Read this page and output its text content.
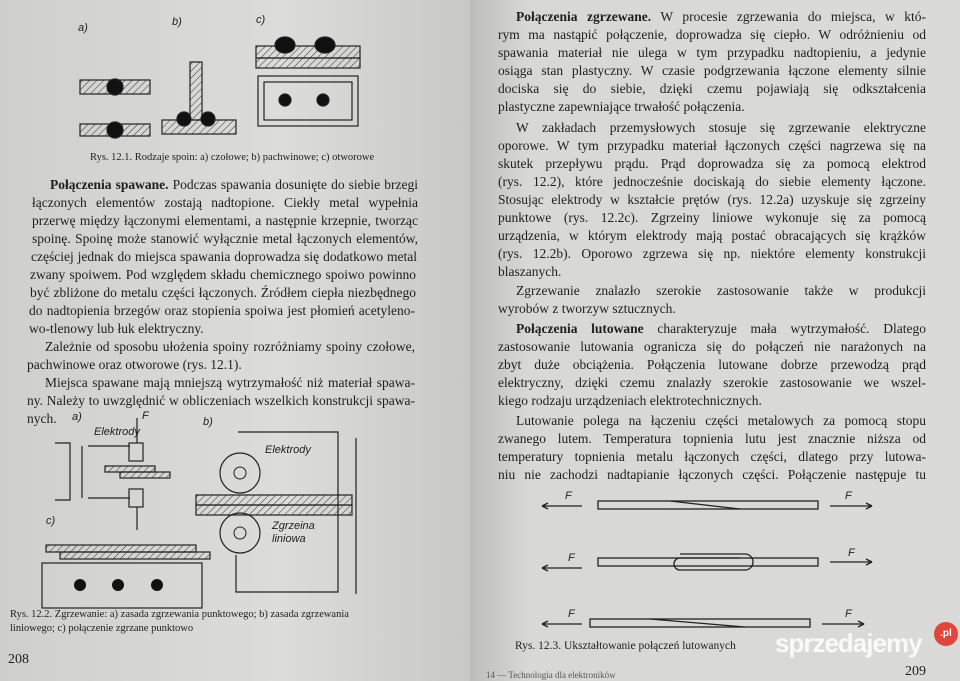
a)	b)	c)
Rys. 12.1. Rodzaje spoin: a) czołowe; b) pachwinowe; c) otworowe
Połączenia spawane. Podczas spawania dosunięte do siebie brzegi
łączonych elementów zostają nadtopione. Ciekły metal wypełnia
przerwę między łączonymi elementami, a następnie krzepnie, tworząc
spoinę. Spoinę może stanowić wyłącznie metal łączonych elementów,
częściej jednak do miejsca spawania doprowadza się dodatkowo metal
zwany spoiwem. Pod względem składu chemicznego spoiwo powinno
być zbliżone do metalu części łączonych. Źródłem ciepła niezbędnego
do nadtopienia brzegów oraz stopienia spoiwa jest płomień acetyleno-
wo-tlenowy lub łuk elektryczny.
Zależnie od sposobu ułożenia spoiny rozróżniamy spoiny czołowe,
pachwinowe oraz otworowe (rys. 12.1).
Miejsca spawane mają mniejszą wytrzymałość niż materiał spawa-
ny. Należy to uwzględnić w obliczeniach wszelkich konstrukcji spawa-
nych. a)	b)
c)
F
Elektrody
Elektrody
Zgrzeina
liniowa
Rys. 12.2. Zgrzewanie: a) zasada zgrzewania punktowego; b) zasada zgrzewania
liniowego; c) połączenie zgrzane punktowo
208
Połączenia zgrzewane. W procesie zgrzewania do miejsca, w któ-
rym ma nastąpić połączenie, doprowadza się ciepło. W odróżnieniu od
spawania materiał nie ulega w tym przypadku nadtopieniu, a jedynie
osiąga stan plastyczny. W czasie podgrzewania łączone elementy silnie
dociska się do siebie, dzięki czemu pojawiają się odkształcenia
plastyczne zapewniające trwałość połączenia.
W zakładach przemysłowych stosuje się zgrzewanie elektryczne
oporowe. W tym przypadku materiał łączonych części nagrzewa się na
skutek przepływu prądu. Prąd doprowadza się za pomocą elektrod
(rys. 12.2), które jednocześnie dociskają do siebie elementy łączone.
Stosując elektrody w kształcie prętów (rys. 12.2a) uzyskuje się zgrzeiny
punktowe (rys. 12.2c). Zgrzeiny liniowe wykonuje się za pomocą
urządzenia, w którym elektrody mają postać obracających się krążków
(rys. 12.2b). Oporowo zgrzewa się np. niektóre elementy konstrukcji
blaszanych.
Zgrzewanie znalazło szerokie zastosowanie także w produkcji
wyrobów z tworzyw sztucznych.
Połączenia lutowane charakteryzuje mała wytrzymałość. Dlatego
zastosowanie lutowania ogranicza się do połączeń nie narażonych na
zbyt duże obciążenia. Połączenia lutowane dobrze przewodzą prąd
elektryczny, dzięki czemu znalazły szerokie zastosowanie we wszel-
kiego rodzaju urządzeniach elektrotechnicznych.
Lutowanie polega na łączeniu części metalowych za pomocą stopu
zwanego lutem. Temperatura topnienia lutu jest znacznie niższa od
temperatury topnienia metalu łączonych części, dlatego przy lutowa-
niu nie zachodzi nadtapianie łączonych części. Połączenie następuje tu
F	F
F	F
F	F
Rys. 12.3. Ukształtowanie połączeń lutowanych
14 — Technologia dla elektroników	209
sprzedajemy	.pl
